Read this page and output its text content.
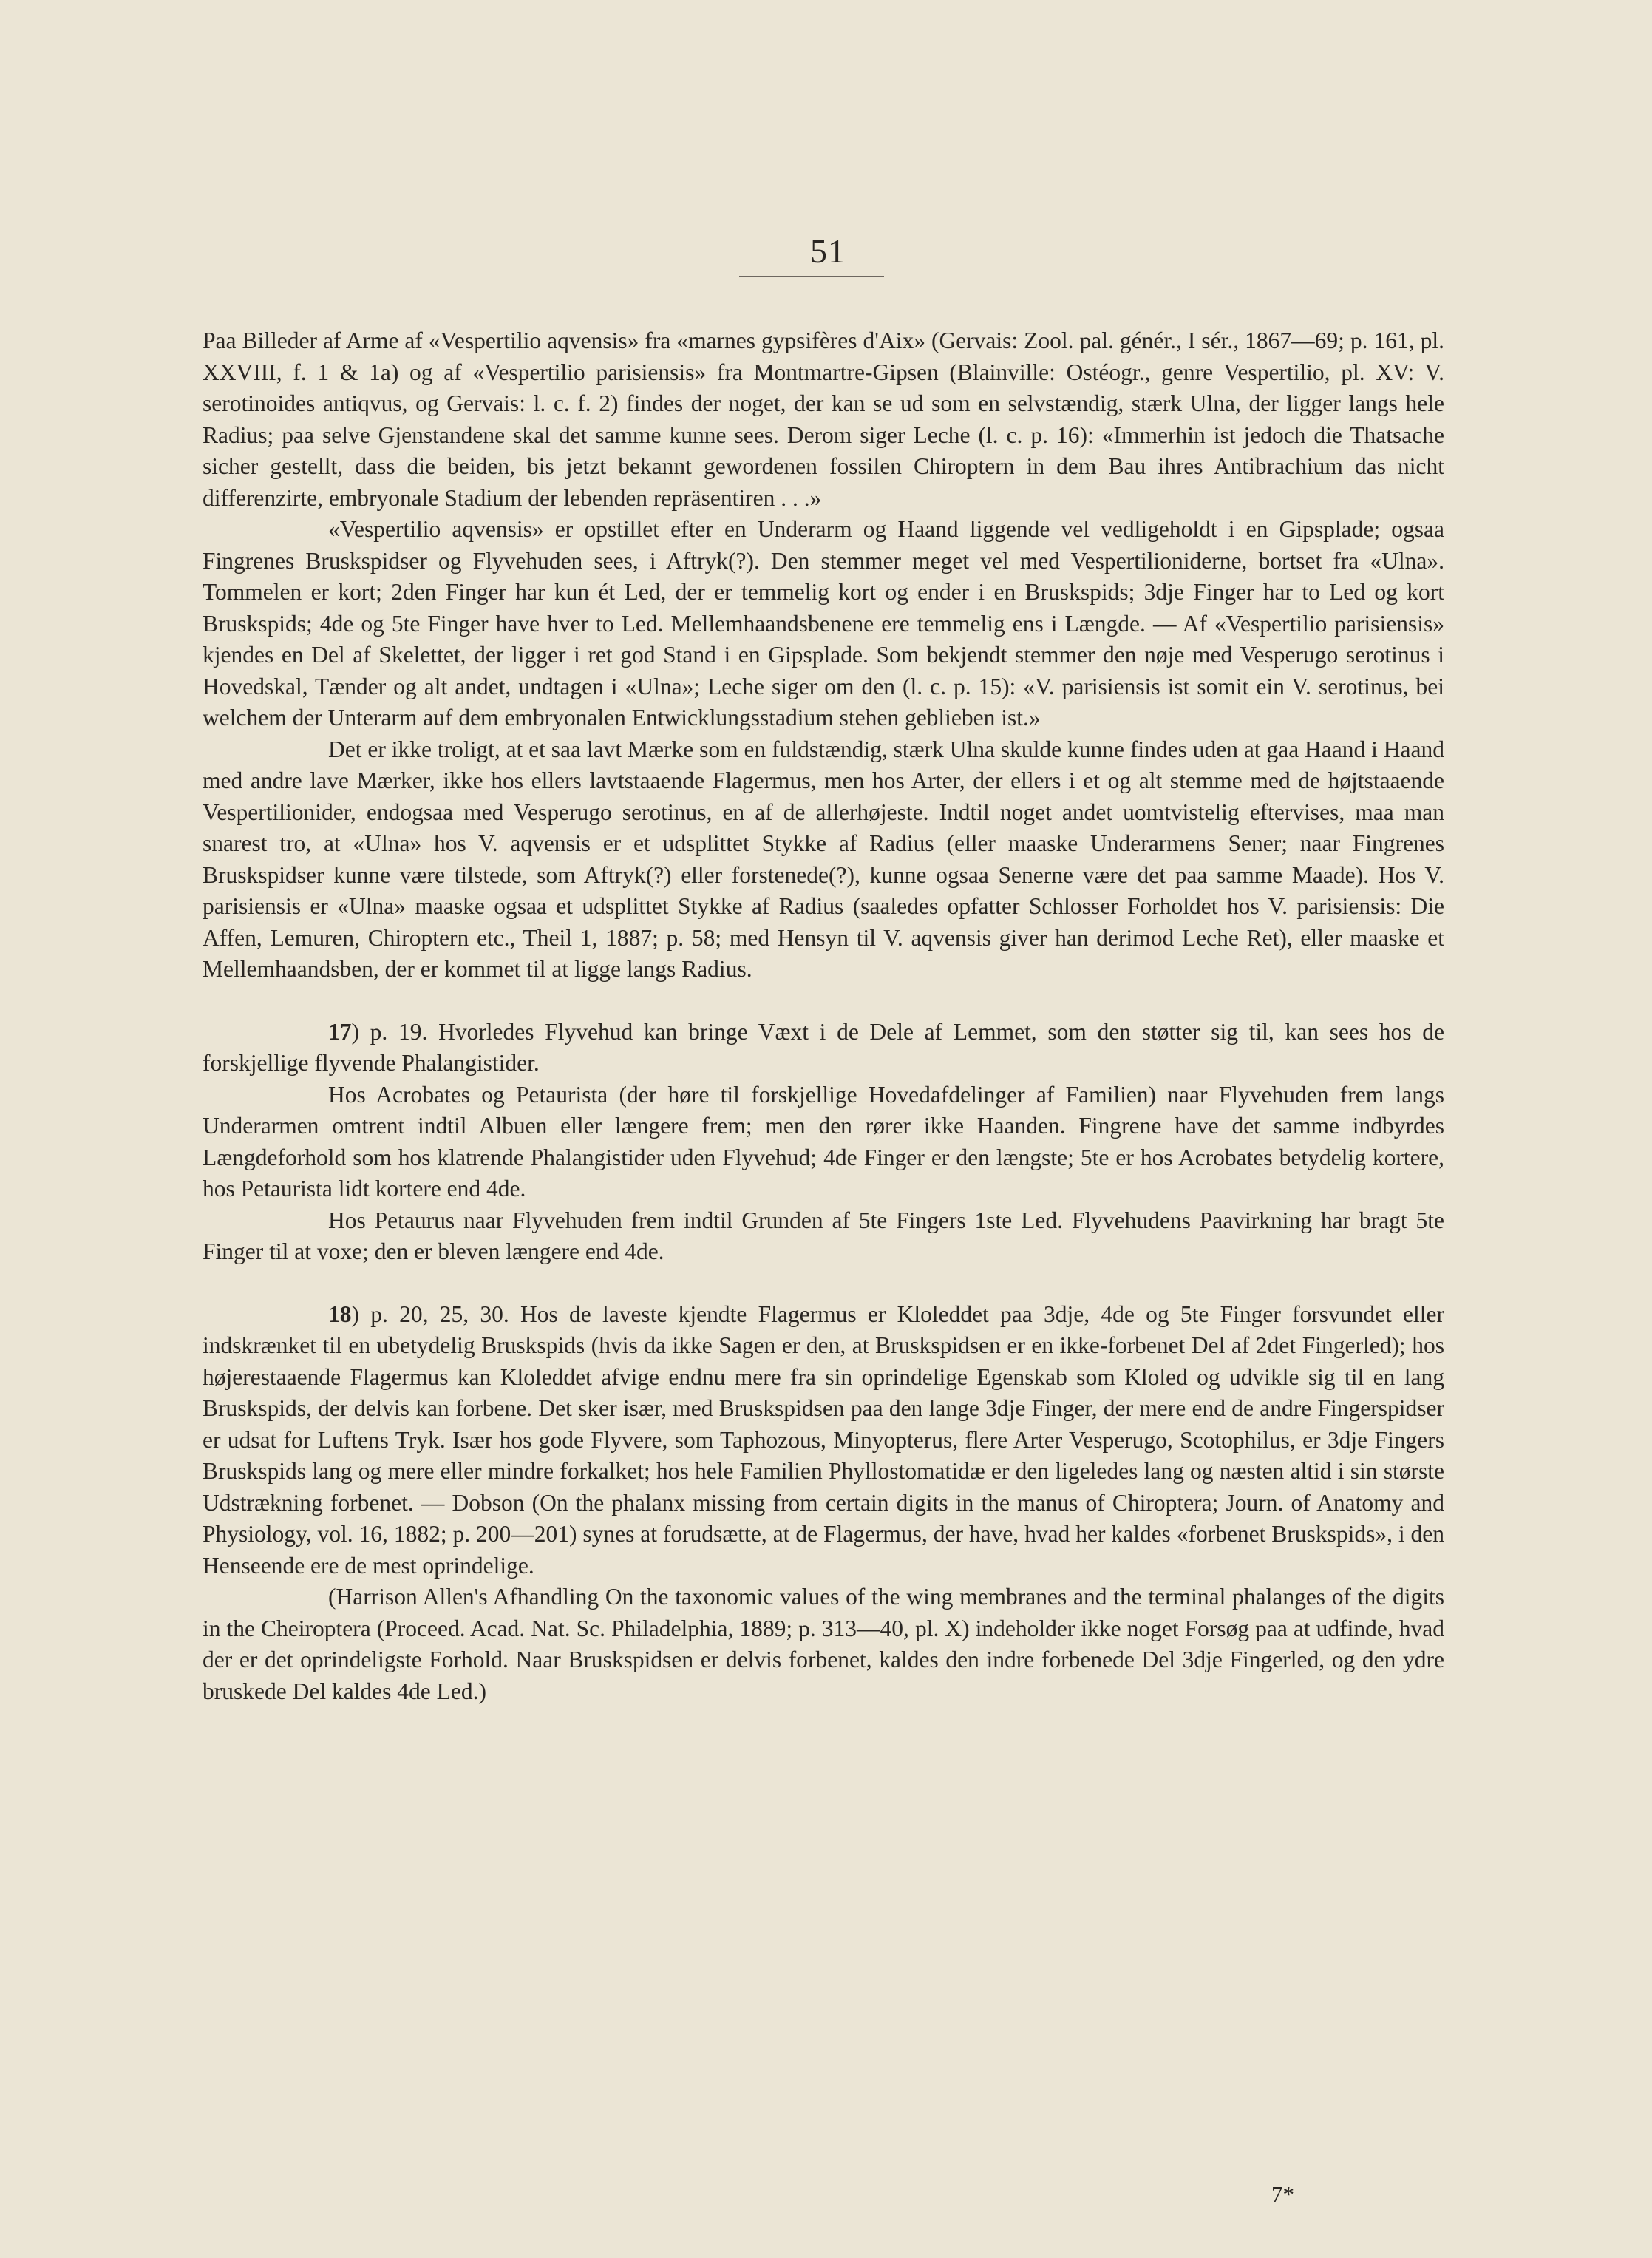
51

Paa Billeder af Arme af «Vespertilio aqvensis» fra «marnes gypsifères d'Aix» (Gervais: Zool. pal. génér., I sér., 1867—69; p. 161, pl. XXVIII, f. 1 & 1a) og af «Vespertilio parisiensis» fra Montmartre-Gipsen (Blainville: Ostéogr., genre Vespertilio, pl. XV: V. serotinoides antiqvus, og Gervais: l. c. f. 2) findes der noget, der kan se ud som en selvstændig, stærk Ulna, der ligger langs hele Radius; paa selve Gjenstandene skal det samme kunne sees. Derom siger Leche (l. c. p. 16): «Immerhin ist jedoch die Thatsache sicher gestellt, dass die beiden, bis jetzt bekannt gewordenen fossilen Chiroptern in dem Bau ihres Antibrachium das nicht differenzirte, embryonale Stadium der lebenden repräsentiren . . .»

«Vespertilio aqvensis» er opstillet efter en Underarm og Haand liggende vel vedligeholdt i en Gipsplade; ogsaa Fingrenes Bruskspidser og Flyvehuden sees, i Aftryk(?). Den stemmer meget vel med Vespertilioniderne, bortset fra «Ulna». Tommelen er kort; 2den Finger har kun ét Led, der er temmelig kort og ender i en Bruskspids; 3dje Finger har to Led og kort Bruskspids; 4de og 5te Finger have hver to Led. Mellemhaandsbenene ere temmelig ens i Længde. — Af «Vespertilio parisiensis» kjendes en Del af Skelettet, der ligger i ret god Stand i en Gipsplade. Som bekjendt stemmer den nøje med Vesperugo serotinus i Hovedskal, Tænder og alt andet, undtagen i «Ulna»; Leche siger om den (l. c. p. 15): «V. parisiensis ist somit ein V. serotinus, bei welchem der Unterarm auf dem embryonalen Entwicklungsstadium stehen geblieben ist.»

Det er ikke troligt, at et saa lavt Mærke som en fuldstændig, stærk Ulna skulde kunne findes uden at gaa Haand i Haand med andre lave Mærker, ikke hos ellers lavtstaaende Flagermus, men hos Arter, der ellers i et og alt stemme med de højtstaaende Vespertilionider, endogsaa med Vesperugo serotinus, en af de allerhøjeste. Indtil noget andet uomtvistelig eftervises, maa man snarest tro, at «Ulna» hos V. aqvensis er et udsplittet Stykke af Radius (eller maaske Underarmens Sener; naar Fingrenes Bruskspidser kunne være tilstede, som Aftryk(?) eller forstenede(?), kunne ogsaa Senerne være det paa samme Maade). Hos V. parisiensis er «Ulna» maaske ogsaa et udsplittet Stykke af Radius (saaledes opfatter Schlosser Forholdet hos V. parisiensis: Die Affen, Lemuren, Chiroptern etc., Theil 1, 1887; p. 58; med Hensyn til V. aqvensis giver han derimod Leche Ret), eller maaske et Mellemhaandsben, der er kommet til at ligge langs Radius.

17) p. 19. Hvorledes Flyvehud kan bringe Væxt i de Dele af Lemmet, som den støtter sig til, kan sees hos de forskjellige flyvende Phalangistider.

Hos Acrobates og Petaurista (der høre til forskjellige Hovedafdelinger af Familien) naar Flyvehuden frem langs Underarmen omtrent indtil Albuen eller længere frem; men den rører ikke Haanden. Fingrene have det samme indbyrdes Længdeforhold som hos klatrende Phalangistider uden Flyvehud; 4de Finger er den længste; 5te er hos Acrobates betydelig kortere, hos Petaurista lidt kortere end 4de.

Hos Petaurus naar Flyvehuden frem indtil Grunden af 5te Fingers 1ste Led. Flyvehudens Paavirkning har bragt 5te Finger til at voxe; den er bleven længere end 4de.

18) p. 20, 25, 30. Hos de laveste kjendte Flagermus er Kloleddet paa 3dje, 4de og 5te Finger forsvundet eller indskrænket til en ubetydelig Bruskspids (hvis da ikke Sagen er den, at Bruskspidsen er en ikke-forbenet Del af 2det Fingerled); hos højerestaaende Flagermus kan Kloleddet afvige endnu mere fra sin oprindelige Egenskab som Kloled og udvikle sig til en lang Bruskspids, der delvis kan forbene. Det sker især, med Bruskspidsen paa den lange 3dje Finger, der mere end de andre Fingerspidser er udsat for Luftens Tryk. Især hos gode Flyvere, som Taphozous, Minyopterus, flere Arter Vesperugo, Scotophilus, er 3dje Fingers Bruskspids lang og mere eller mindre forkalket; hos hele Familien Phyllostomatidæ er den ligeledes lang og næsten altid i sin største Udstrækning forbenet. — Dobson (On the phalanx missing from certain digits in the manus of Chiroptera; Journ. of Anatomy and Physiology, vol. 16, 1882; p. 200—201) synes at forudsætte, at de Flagermus, der have, hvad her kaldes «forbenet Bruskspids», i den Henseende ere de mest oprindelige.

(Harrison Allen's Afhandling On the taxonomic values of the wing membranes and the terminal phalanges of the digits in the Cheiroptera (Proceed. Acad. Nat. Sc. Philadelphia, 1889; p. 313—40, pl. X) indeholder ikke noget Forsøg paa at udfinde, hvad der er det oprindeligste Forhold. Naar Bruskspidsen er delvis forbenet, kaldes den indre forbenede Del 3dje Fingerled, og den ydre bruskede Del kaldes 4de Led.)

7*
